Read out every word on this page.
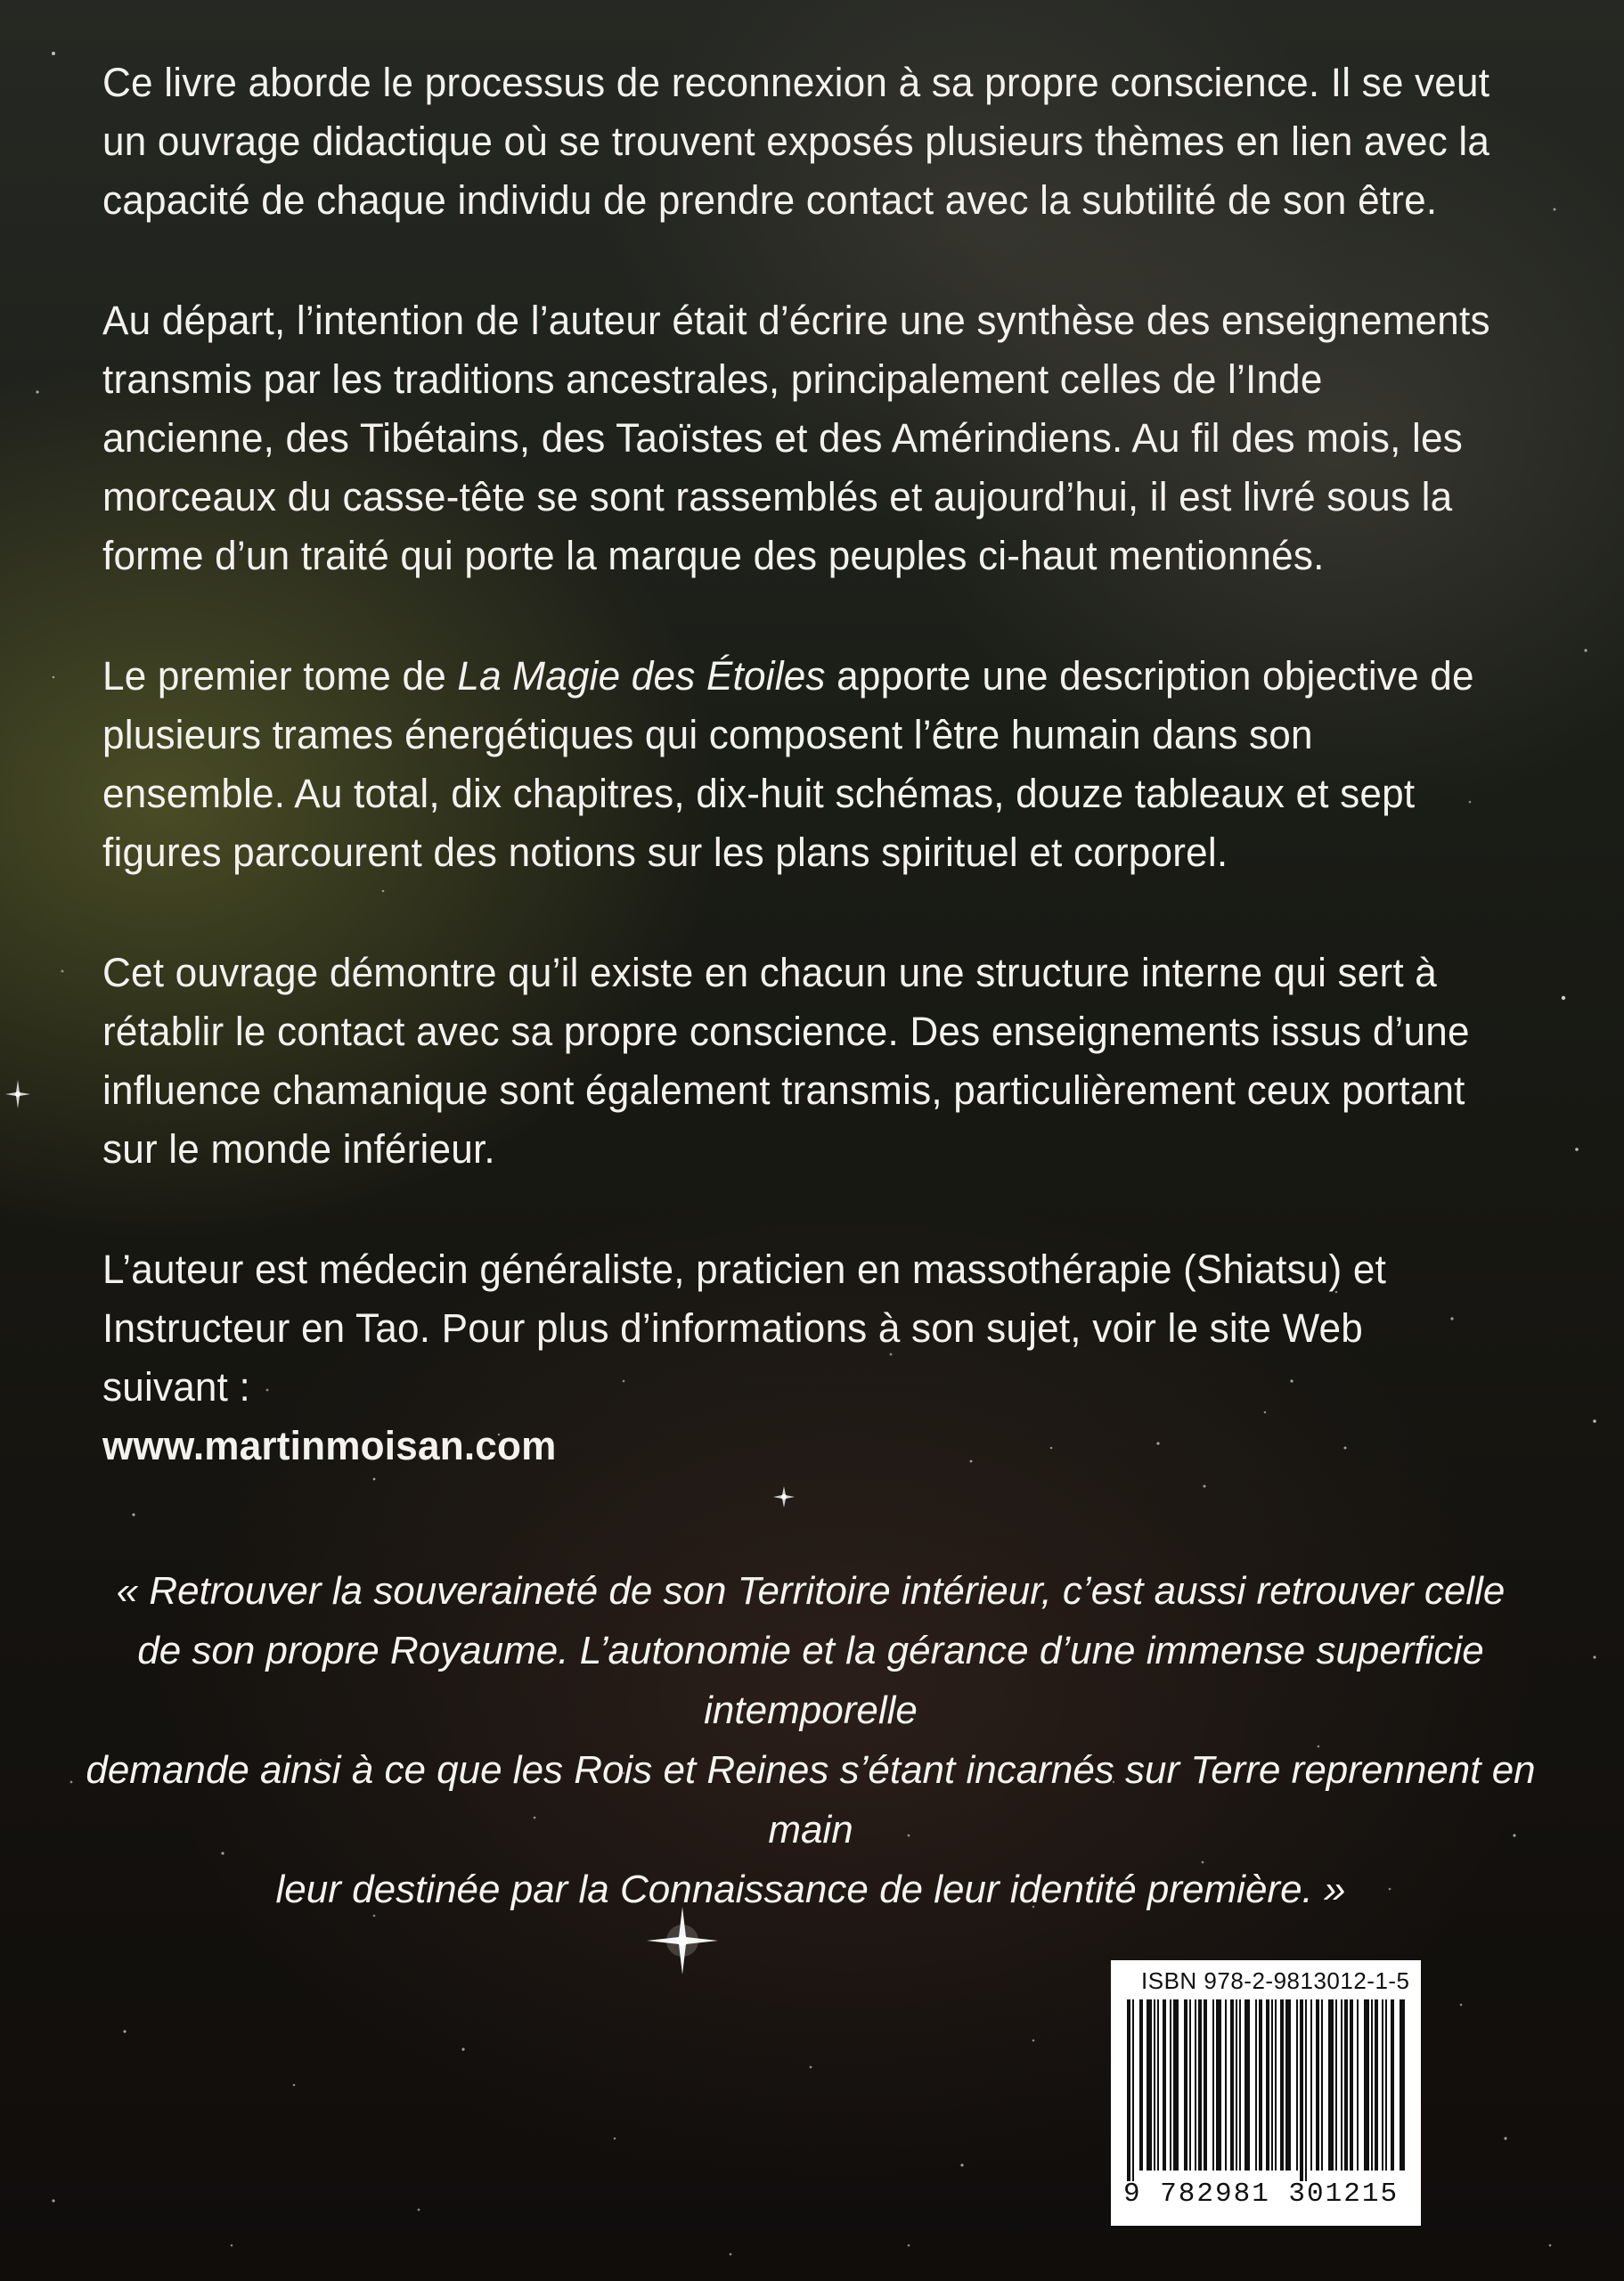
Ce livre aborde le processus de reconnexion à sa propre conscience. Il se veut un ouvrage didactique où se trouvent exposés plusieurs thèmes en lien avec la capacité de chaque individu de prendre contact avec la subtilité de son être.

Au départ, l’intention de l’auteur était d’écrire une synthèse des enseignements transmis par les traditions ancestrales, principalement celles de l’Inde ancienne, des Tibétains, des Taoïstes et des Amérindiens. Au fil des mois, les morceaux du casse-tête se sont rassemblés et aujourd’hui, il est livré sous la forme d’un traité qui porte la marque des peuples ci-haut mentionnés.

Le premier tome de La Magie des Étoiles apporte une description objective de plusieurs trames énergétiques qui composent l’être humain dans son ensemble. Au total, dix chapitres, dix-huit schémas, douze tableaux et sept figures parcourent des notions sur les plans spirituel et corporel.

Cet ouvrage démontre qu’il existe en chacun une structure interne qui sert à rétablir le contact avec sa propre conscience. Des enseignements issus d’une influence chamanique sont également transmis, particulièrement ceux portant sur le monde inférieur.

L’auteur est médecin généraliste, praticien en massothérapie (Shiatsu) et Instructeur en Tao. Pour plus d’informations à son sujet, voir le site Web suivant :
www.martinmoisan.com

« Retrouver la souveraineté de son Territoire intérieur, c’est aussi retrouver celle
de son propre Royaume. L’autonomie et la gérance d’une immense superficie intemporelle
demande ainsi à ce que les Rois et Reines s’étant incarnés sur Terre reprennent en main
leur destinée par la Connaissance de leur identité première. »
ISBN 978-2-9813012-1-5
9 782981 301215
